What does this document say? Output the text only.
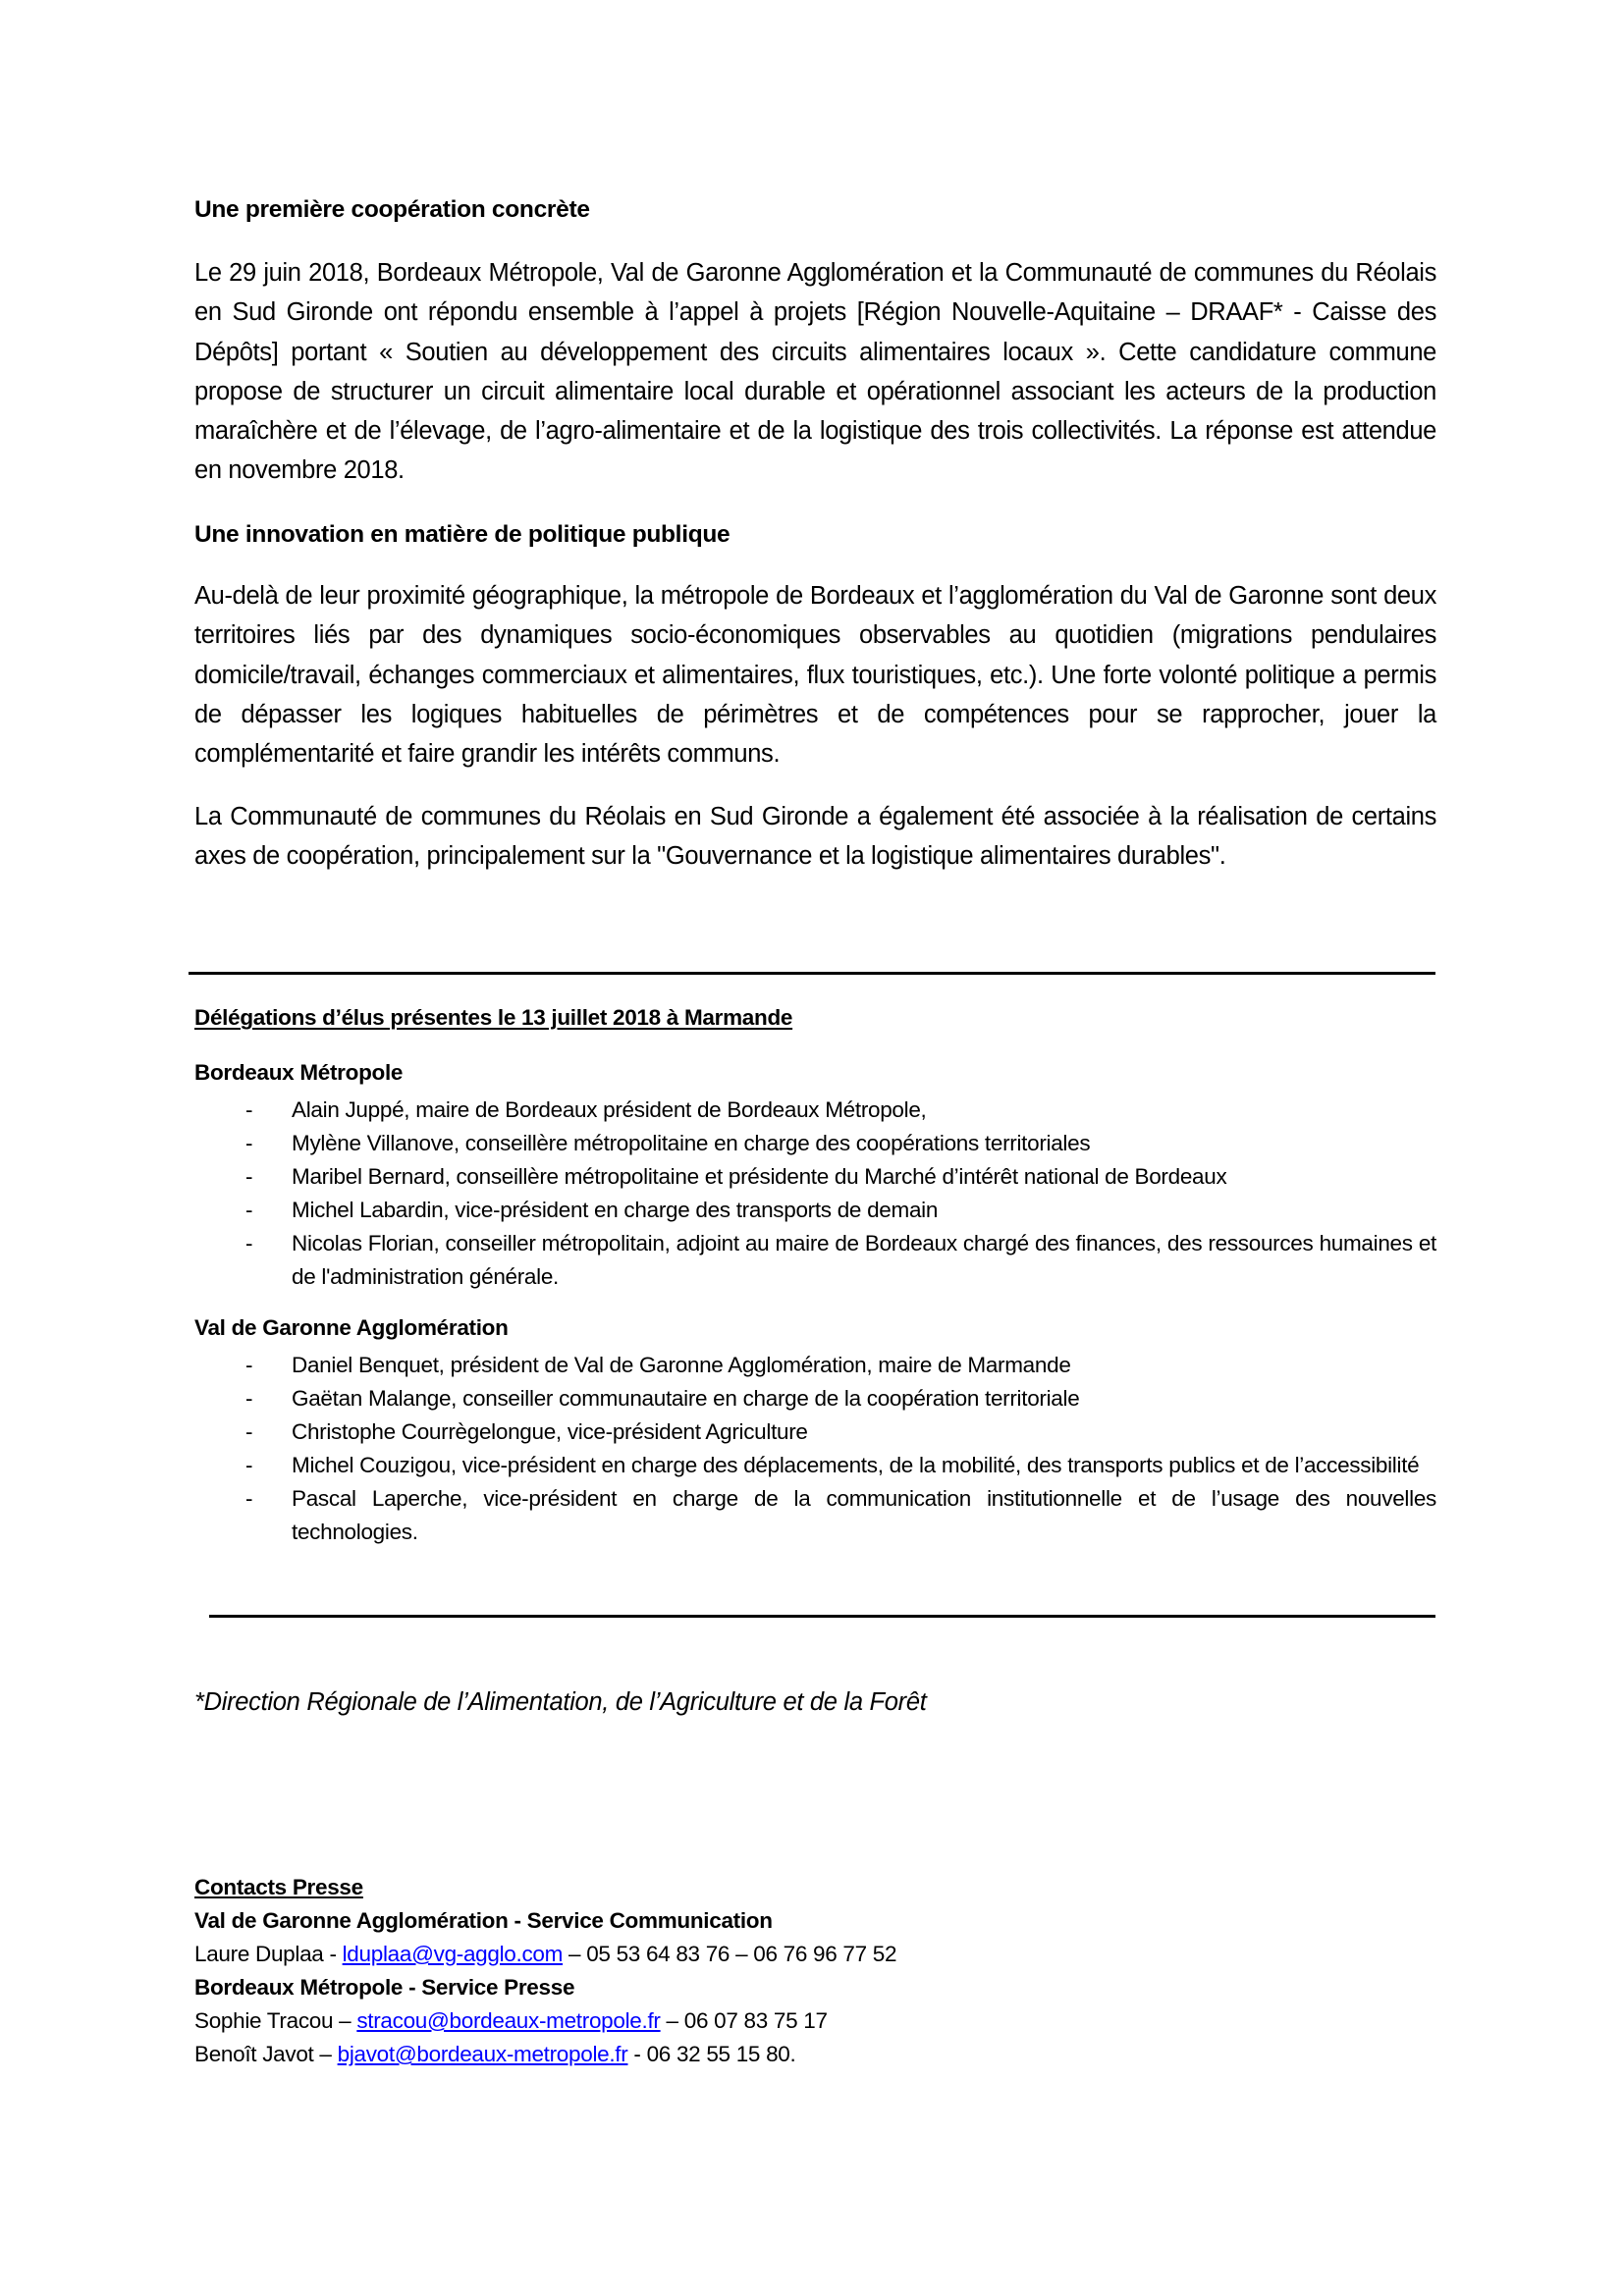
Une première coopération concrète

Le 29 juin 2018, Bordeaux Métropole, Val de Garonne Agglomération et la Communauté de communes du Réolais en Sud Gironde ont répondu ensemble à l’appel à projets [Région Nouvelle-Aquitaine – DRAAF* - Caisse des Dépôts] portant « Soutien au développement des circuits alimentaires locaux ». Cette candidature commune propose de structurer un circuit alimentaire local durable et opérationnel associant les acteurs de la production maraîchère et de l’élevage, de l’agro-alimentaire et de la logistique des trois collectivités. La réponse est attendue en novembre 2018.

Une innovation en matière de politique publique

Au-delà de leur proximité géographique, la métropole de Bordeaux et l’agglomération du Val de Garonne sont deux territoires liés par des dynamiques socio-économiques observables au quotidien (migrations pendulaires domicile/travail, échanges commerciaux et alimentaires, flux touristiques, etc.). Une forte volonté politique a permis de dépasser les logiques habituelles de périmètres et de compétences pour se rapprocher, jouer la complémentarité et faire grandir les intérêts communs.

La Communauté de communes du Réolais en Sud Gironde a également été associée à la réalisation de certains axes de coopération, principalement sur la "Gouvernance et la logistique alimentaires durables".

Délégations d’élus présentes le 13 juillet 2018 à Marmande
Bordeaux Métropole
- Alain Juppé, maire de Bordeaux président de Bordeaux Métropole,
- Mylène Villanove, conseillère métropolitaine en charge des coopérations territoriales
- Maribel Bernard, conseillère métropolitaine et présidente du Marché d’intérêt national de Bordeaux
- Michel Labardin, vice-président en charge des transports de demain
- Nicolas Florian, conseiller métropolitain, adjoint au maire de Bordeaux chargé des finances, des ressources humaines et de l'administration générale.
Val de Garonne Agglomération
- Daniel Benquet, président de Val de Garonne Agglomération, maire de Marmande
- Gaëtan Malange, conseiller communautaire en charge de la coopération territoriale
- Christophe Courrègelongue, vice-président Agriculture
- Michel Couzigou, vice-président en charge des déplacements, de la mobilité, des transports publics et de l’accessibilité
- Pascal Laperche, vice-président en charge de la communication institutionnelle et de l’usage des nouvelles technologies.
*Direction Régionale de l’Alimentation, de l’Agriculture et de la Forêt
Contacts Presse
Val de Garonne Agglomération - Service Communication
Laure Duplaa - lduplaa@vg-agglo.com – 05 53 64 83 76 – 06 76 96 77 52
Bordeaux Métropole - Service Presse
Sophie Tracou – stracou@bordeaux-metropole.fr – 06 07 83 75 17
Benoît Javot – bjavot@bordeaux-metropole.fr - 06 32 55 15 80.
